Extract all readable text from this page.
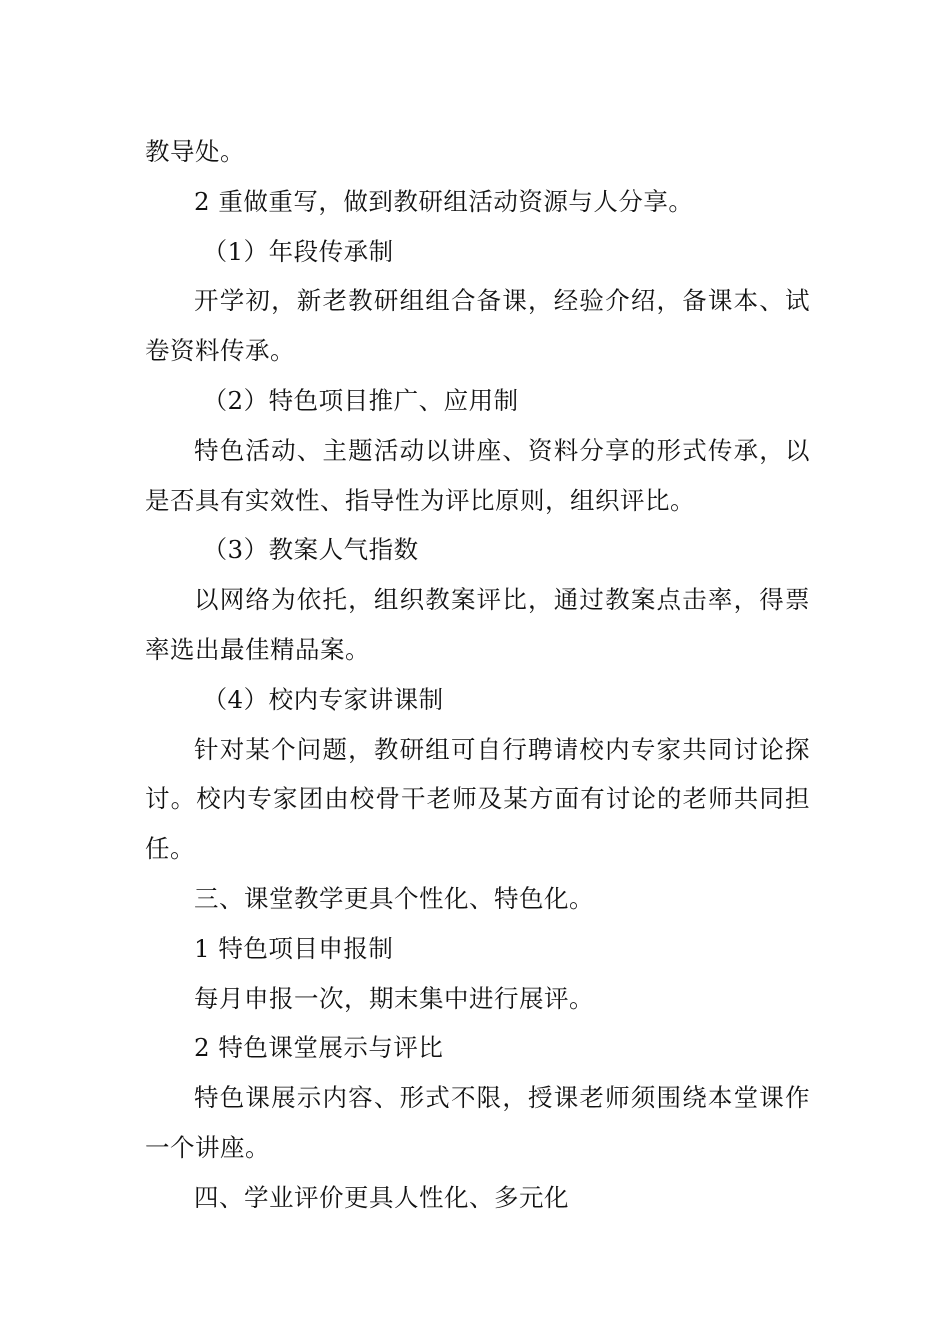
教导处。

2 重做重写，做到教研组活动资源与人分享。

（1）年段传承制

开学初，新老教研组组合备课，经验介绍，备课本、试卷资料传承。

（2）特色项目推广、应用制

特色活动、主题活动以讲座、资料分享的形式传承，以是否具有实效性、指导性为评比原则，组织评比。

（3）教案人气指数

以网络为依托，组织教案评比，通过教案点击率，得票率选出最佳精品案。

（4）校内专家讲课制

针对某个问题，教研组可自行聘请校内专家共同讨论探讨。校内专家团由校骨干老师及某方面有讨论的老师共同担任。

三、课堂教学更具个性化、特色化。

1 特色项目申报制

每月申报一次，期末集中进行展评。

2 特色课堂展示与评比

特色课展示内容、形式不限，授课老师须围绕本堂课作一个讲座。

四、学业评价更具人性化、多元化
